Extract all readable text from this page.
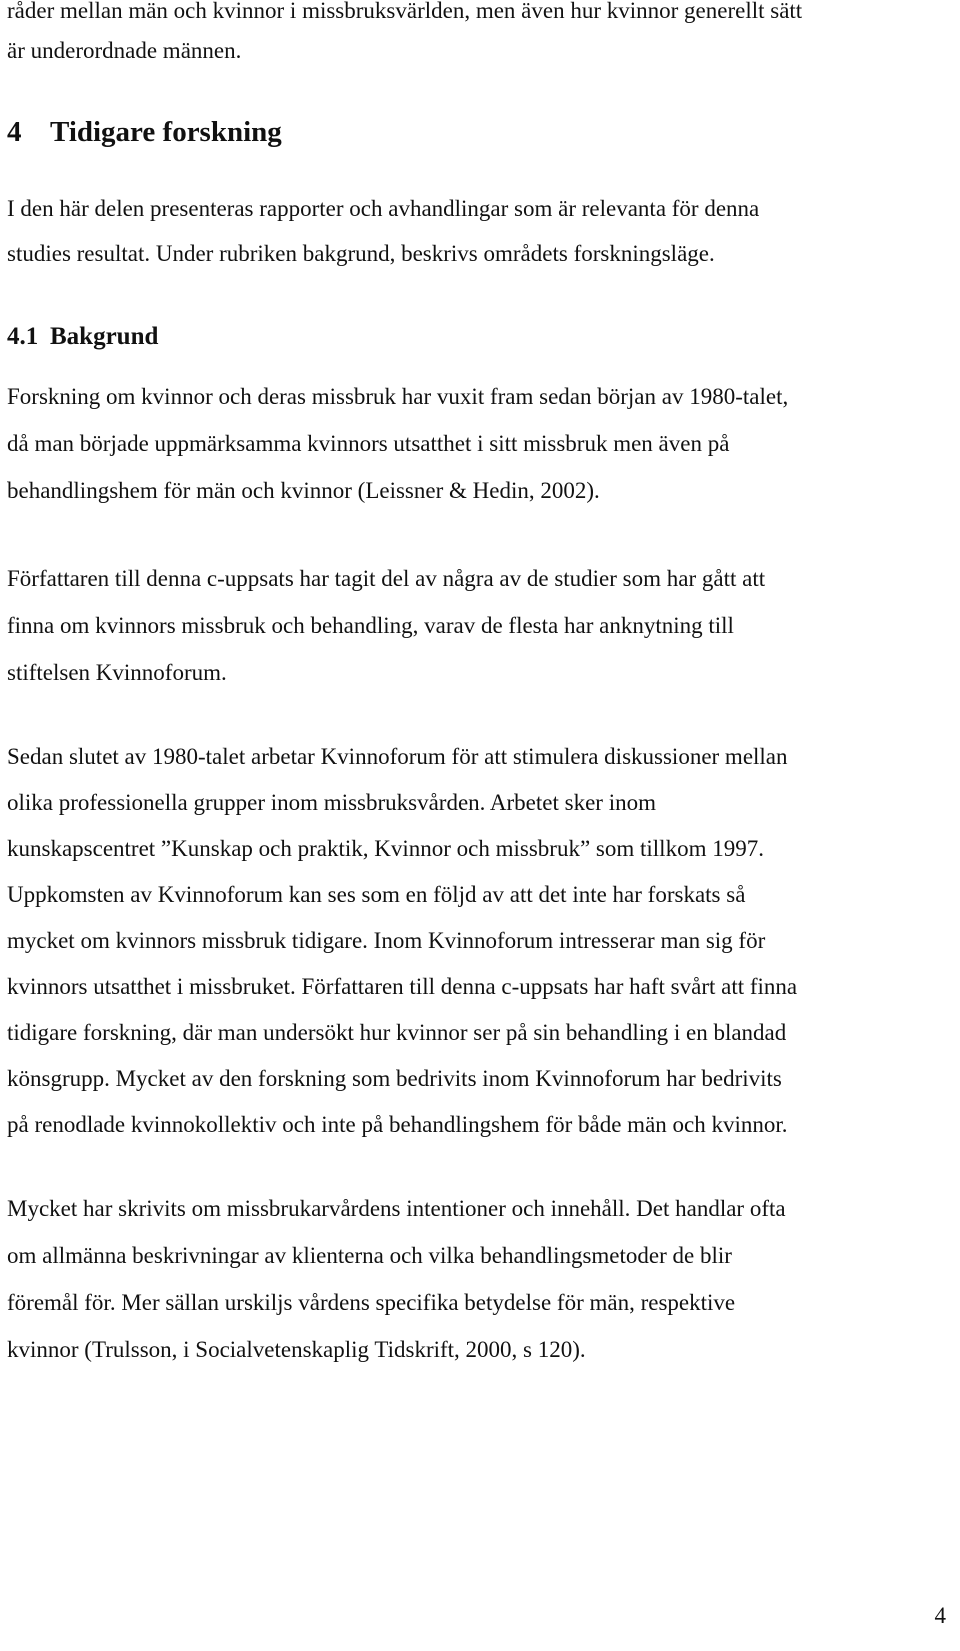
råder mellan män och kvinnor i missbruksvärlden, men även hur kvinnor generellt sätt

är underordnade männen.

4 Tidigare forskning

I den här delen presenteras rapporter och avhandlingar som är relevanta för denna

studies resultat. Under rubriken bakgrund, beskrivs områdets forskningsläge.

4.1 Bakgrund

Forskning om kvinnor och deras missbruk har vuxit fram sedan början av 1980-talet,

då man började uppmärksamma kvinnors utsatthet i sitt missbruk men även på

behandlingshem för män och kvinnor (Leissner & Hedin, 2002).

Författaren till denna c-uppsats har tagit del av några av de studier som har gått att

finna om kvinnors missbruk och behandling, varav de flesta har anknytning till

stiftelsen Kvinnoforum.

Sedan slutet av 1980-talet arbetar Kvinnoforum för att stimulera diskussioner mellan

olika professionella grupper inom missbruksvården. Arbetet sker inom

kunskapscentret ”Kunskap och praktik, Kvinnor och missbruk” som tillkom 1997.

Uppkomsten av Kvinnoforum kan ses som en följd av att det inte har forskats så

mycket om kvinnors missbruk tidigare. Inom Kvinnoforum intresserar man sig för

kvinnors utsatthet i missbruket. Författaren till denna c-uppsats har haft svårt att finna

tidigare forskning, där man undersökt hur kvinnor ser på sin behandling i en blandad

könsgrupp. Mycket av den forskning som bedrivits inom Kvinnoforum har bedrivits

på renodlade kvinnokollektiv och inte på behandlingshem för både män och kvinnor.

Mycket har skrivits om missbrukarvårdens intentioner och innehåll. Det handlar ofta

om allmänna beskrivningar av klienterna och vilka behandlingsmetoder de blir

föremål för. Mer sällan urskiljs vårdens specifika betydelse för män, respektive

kvinnor (Trulsson, i Socialvetenskaplig Tidskrift, 2000, s 120).

4
